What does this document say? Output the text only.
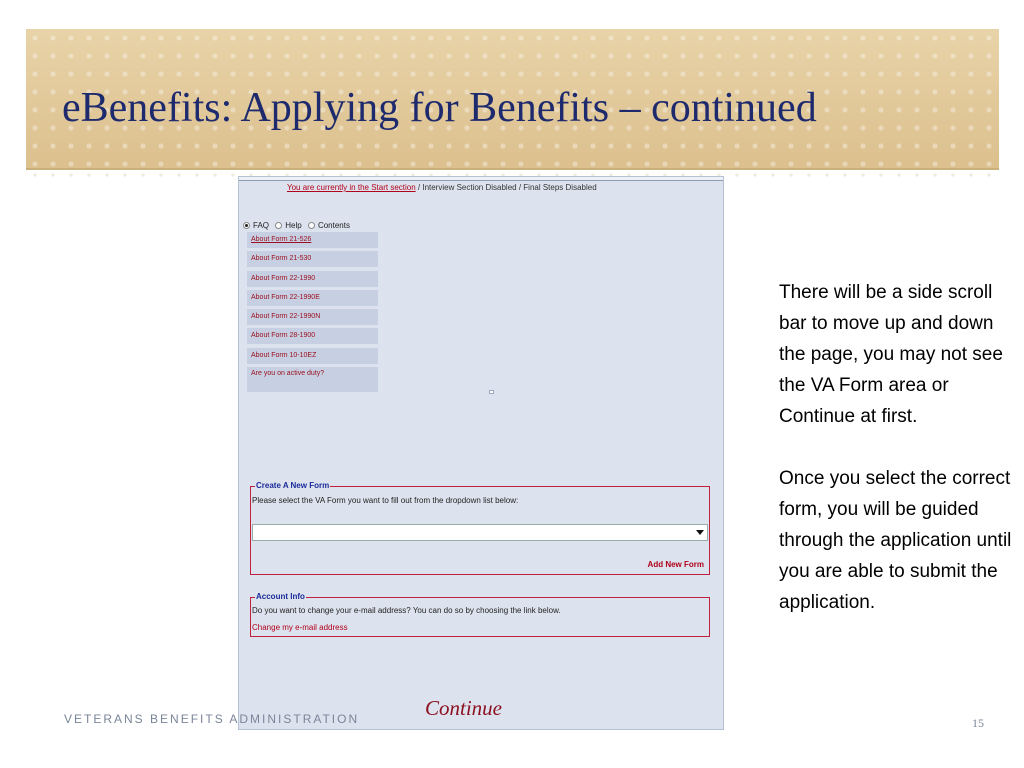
eBenefits: Applying for Benefits – continued
You are currently in the Start section / Interview Section Disabled / Final Steps Disabled
FAQ
Help
Contents
About Form 21-526
About Form 21-530
About Form 22-1990
About Form 22-1990E
About Form 22-1990N
About Form 28-1900
About Form 10-10EZ
Are you on active duty?
Create A New Form
Please select the VA Form you want to fill out from the dropdown list below:
Add New Form
Account Info
Do you want to change your e-mail address? You can do so by choosing the link below.
Change my e-mail address
Continue

There will be a side scroll bar to move up and down the page, you may not see the VA Form area or Continue at first.

Once you select the correct form, you will be guided through the application until you are able to submit the application.

VETERANS BENEFITS ADMINISTRATION	15
